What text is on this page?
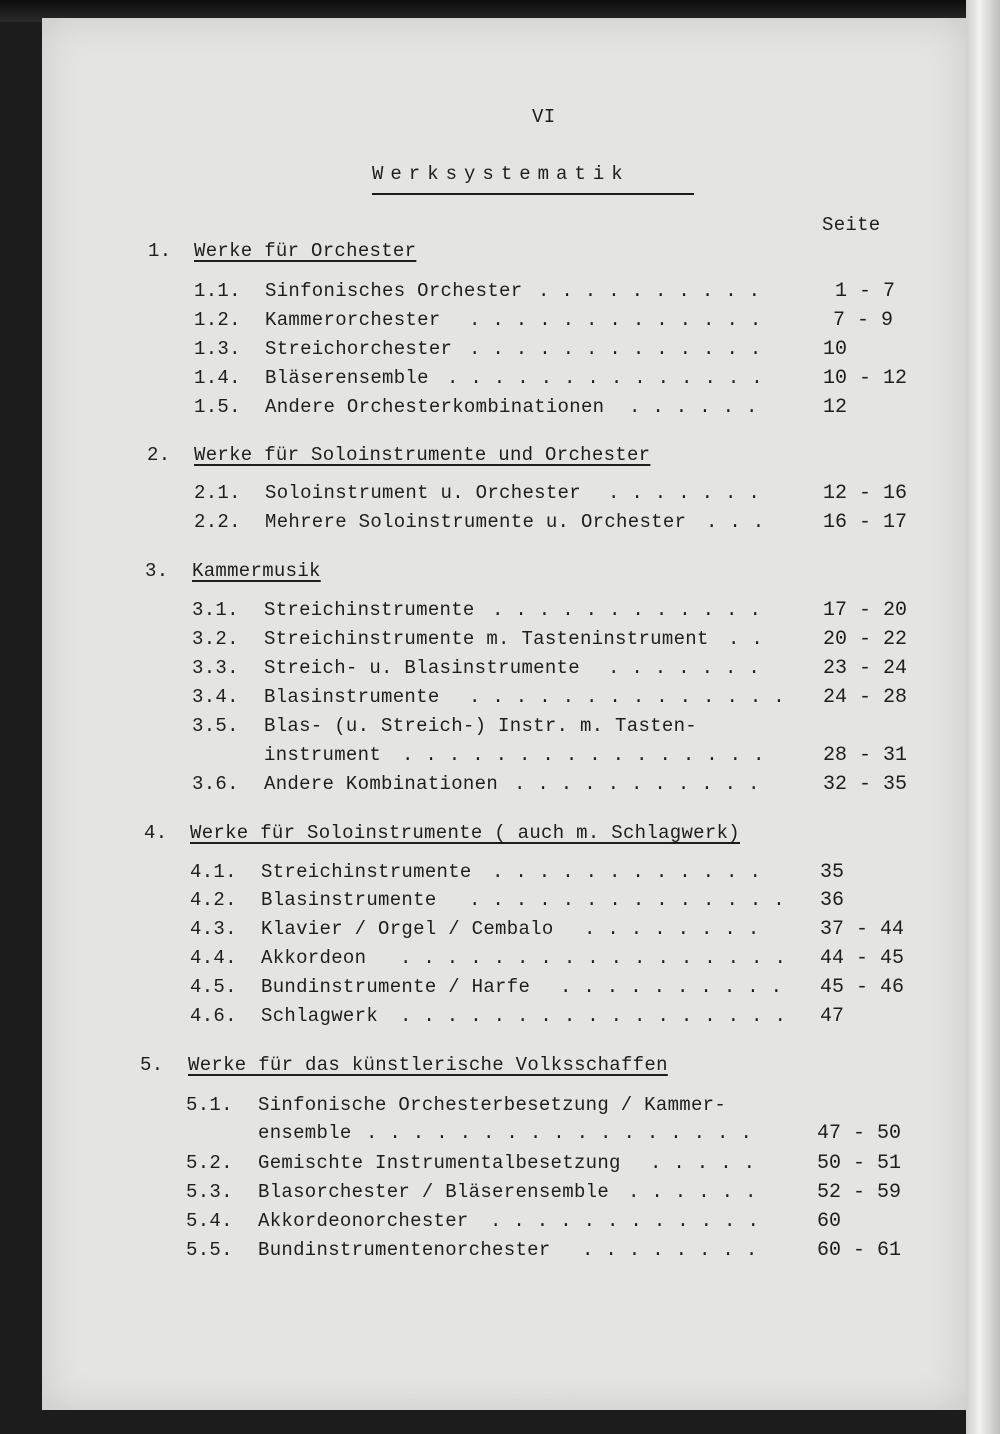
VI
Werksystematik
Seite
1. Werke für Orchester
1.1. Sinfonisches Orchester . . . . . . . . . .	1 - 7
1.2. Kammerorchester . . . . . . . . . . . . .	7 - 9
1.3. Streichorchester . . . . . . . . . . . . .	10
1.4. Bläserensemble . . . . . . . . . . . . . .	10 - 12
1.5. Andere Orchesterkombinationen . . . . . .	12
2. Werke für Soloinstrumente und Orchester
2.1. Soloinstrument u. Orchester . . . . . . .	12 - 16
2.2. Mehrere Soloinstrumente u. Orchester . . .	16 - 17
3. Kammermusik
3.1. Streichinstrumente . . . . . . . . . . . .	17 - 20
3.2. Streichinstrumente m. Tasteninstrument . .	20 - 22
3.3. Streich- u. Blasinstrumente . . . . . . .	23 - 24
3.4. Blasinstrumente . . . . . . . . . . . . . . 24 - 28
3.5. Blas- (u. Streich-) Instr. m. Tasten-
instrument . . . . . . . . . . . . . . . .	28 - 31
3.6. Andere Kombinationen . . . . . . . . . . .	32 - 35
4. Werke für Soloinstrumente ( auch m. Schlagwerk)
4.1. Streichinstrumente . . . . . . . . . . . .	35
4.2. Blasinstrumente . . . . . . . . . . . . . . 36
4.3. Klavier / Orgel / Cembalo . . . . . . . .	37 - 44
4.4. Akkordeon . . . . . . . . . . . . . . . . . 44 - 45
4.5. Bundinstrumente / Harfe . . . . . . . . . . 45 - 46
4.6. Schlagwerk . . . . . . . . . . . . . . . . . 47
5. Werke für das künstlerische Volksschaffen
5.1. Sinfonische Orchesterbesetzung / Kammer-
ensemble . . . . . . . . . . . . . . . . .	47 - 50
5.2. Gemischte Instrumentalbesetzung . . . . .	50 - 51
5.3. Blasorchester / Bläserensemble . . . . . .	52 - 59
5.4. Akkordeonorchester . . . . . . . . . . . .	60
5.5. Bundinstrumentenorchester . . . . . . . .	60 - 61
http://digital.slub-dresden.de/ppn30580168?7
